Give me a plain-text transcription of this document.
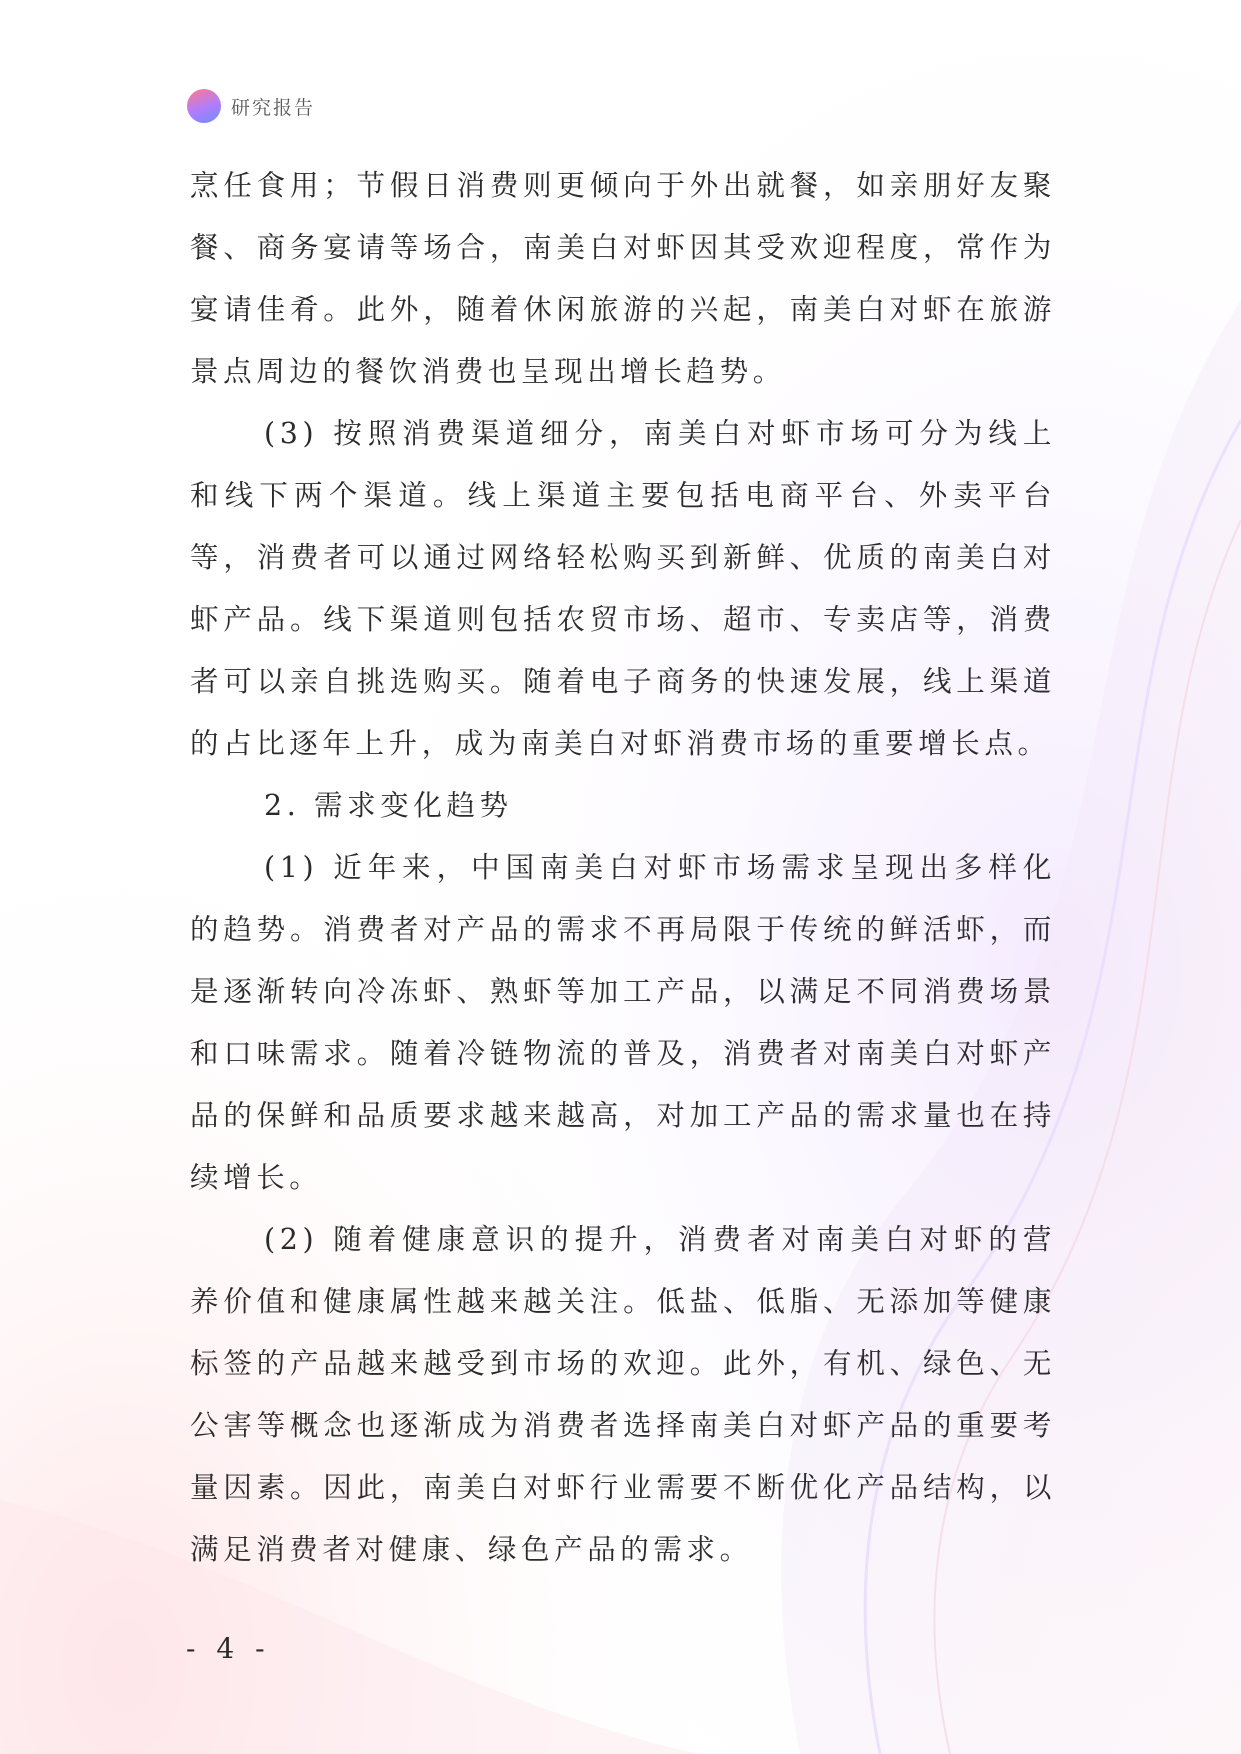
研究报告

烹任食用；节假日消费则更倾向于外出就餐，如亲朋好友聚餐、商务宴请等场合，南美白对虾因其受欢迎程度，常作为宴请佳肴。此外，随着休闲旅游的兴起，南美白对虾在旅游景点周边的餐饮消费也呈现出增长趋势。

(3) 按照消费渠道细分，南美白对虾市场可分为线上和线下两个渠道。线上渠道主要包括电商平台、外卖平台等，消费者可以通过网络轻松购买到新鲜、优质的南美白对虾产品。线下渠道则包括农贸市场、超市、专卖店等，消费者可以亲自挑选购买。随着电子商务的快速发展，线上渠道的占比逐年上升，成为南美白对虾消费市场的重要增长点。

2. 需求变化趋势

(1) 近年来，中国南美白对虾市场需求呈现出多样化的趋势。消费者对产品的需求不再局限于传统的鲜活虾，而是逐渐转向冷冻虾、熟虾等加工产品，以满足不同消费场景和口味需求。随着冷链物流的普及，消费者对南美白对虾产品的保鲜和品质要求越来越高，对加工产品的需求量也在持续增长。

(2) 随着健康意识的提升，消费者对南美白对虾的营养价值和健康属性越来越关注。低盐、低脂、无添加等健康标签的产品越来越受到市场的欢迎。此外，有机、绿色、无公害等概念也逐渐成为消费者选择南美白对虾产品的重要考量因素。因此，南美白对虾行业需要不断优化产品结构，以满足消费者对健康、绿色产品的需求。

- 4 -
